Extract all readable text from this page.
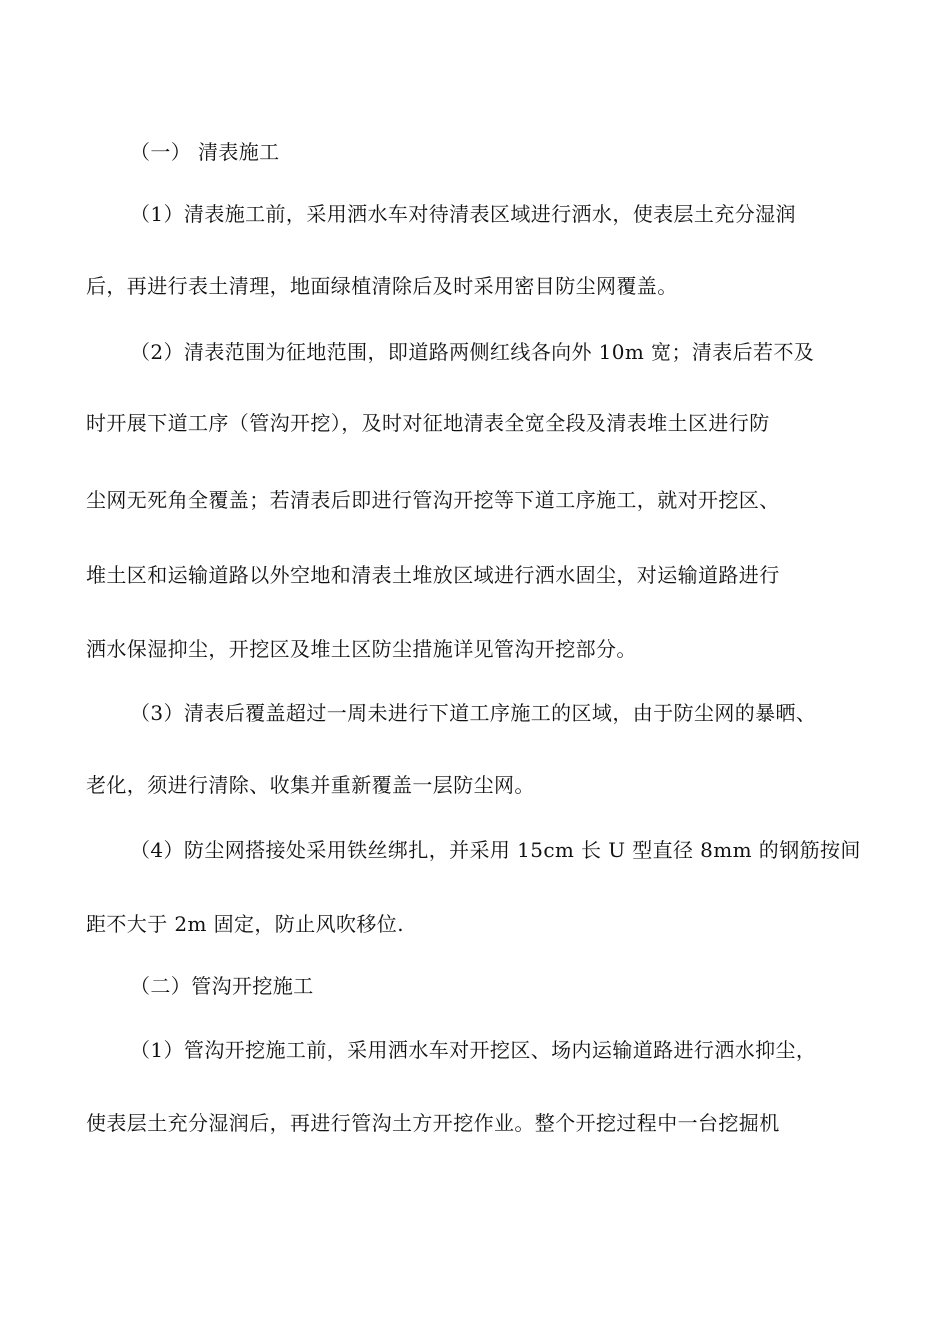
（一） 清表施工
（1）清表施工前，采用洒水车对待清表区域进行洒水，使表层土充分湿润
后，再进行表土清理，地面绿植清除后及时采用密目防尘网覆盖。
（2）清表范围为征地范围，即道路两侧红线各向外 10m 宽；清表后若不及
时开展下道工序（管沟开挖），及时对征地清表全宽全段及清表堆土区进行防
尘网无死角全覆盖；若清表后即进行管沟开挖等下道工序施工，就对开挖区、
堆土区和运输道路以外空地和清表土堆放区域进行洒水固尘，对运输道路进行
洒水保湿抑尘，开挖区及堆土区防尘措施详见管沟开挖部分。
（3）清表后覆盖超过一周未进行下道工序施工的区域，由于防尘网的暴晒、
老化，须进行清除、收集并重新覆盖一层防尘网。
（4）防尘网搭接处采用铁丝绑扎，并采用 15cm 长 U 型直径 8mm 的钢筋按间
距不大于 2m 固定，防止风吹移位.
（二）管沟开挖施工
（1）管沟开挖施工前，采用洒水车对开挖区、场内运输道路进行洒水抑尘，
使表层土充分湿润后，再进行管沟土方开挖作业。整个开挖过程中一台挖掘机
